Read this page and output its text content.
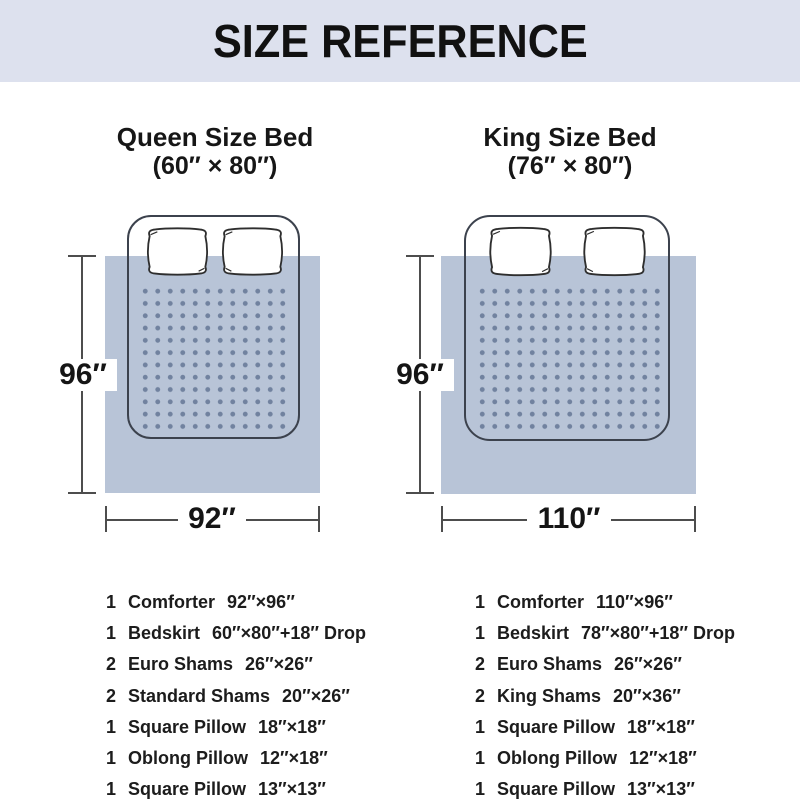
SIZE REFERENCE
Queen Size Bed
(60″ × 80″)
King Size Bed
(76″ × 80″)
96″
92″
96″
110″
1 Comforter 92″×96″
1 Bedskirt 60″×80″+18″ Drop
2 Euro Shams 26″×26″
2 Standard Shams 20″×26″
1 Square Pillow 18″×18″
1 Oblong Pillow 12″×18″
1 Square Pillow 13″×13″
1 Comforter 110″×96″
1 Bedskirt 78″×80″+18″ Drop
2 Euro Shams 26″×26″
2 King Shams 20″×36″
1 Square Pillow 18″×18″
1 Oblong Pillow 12″×18″
1 Square Pillow 13″×13″
